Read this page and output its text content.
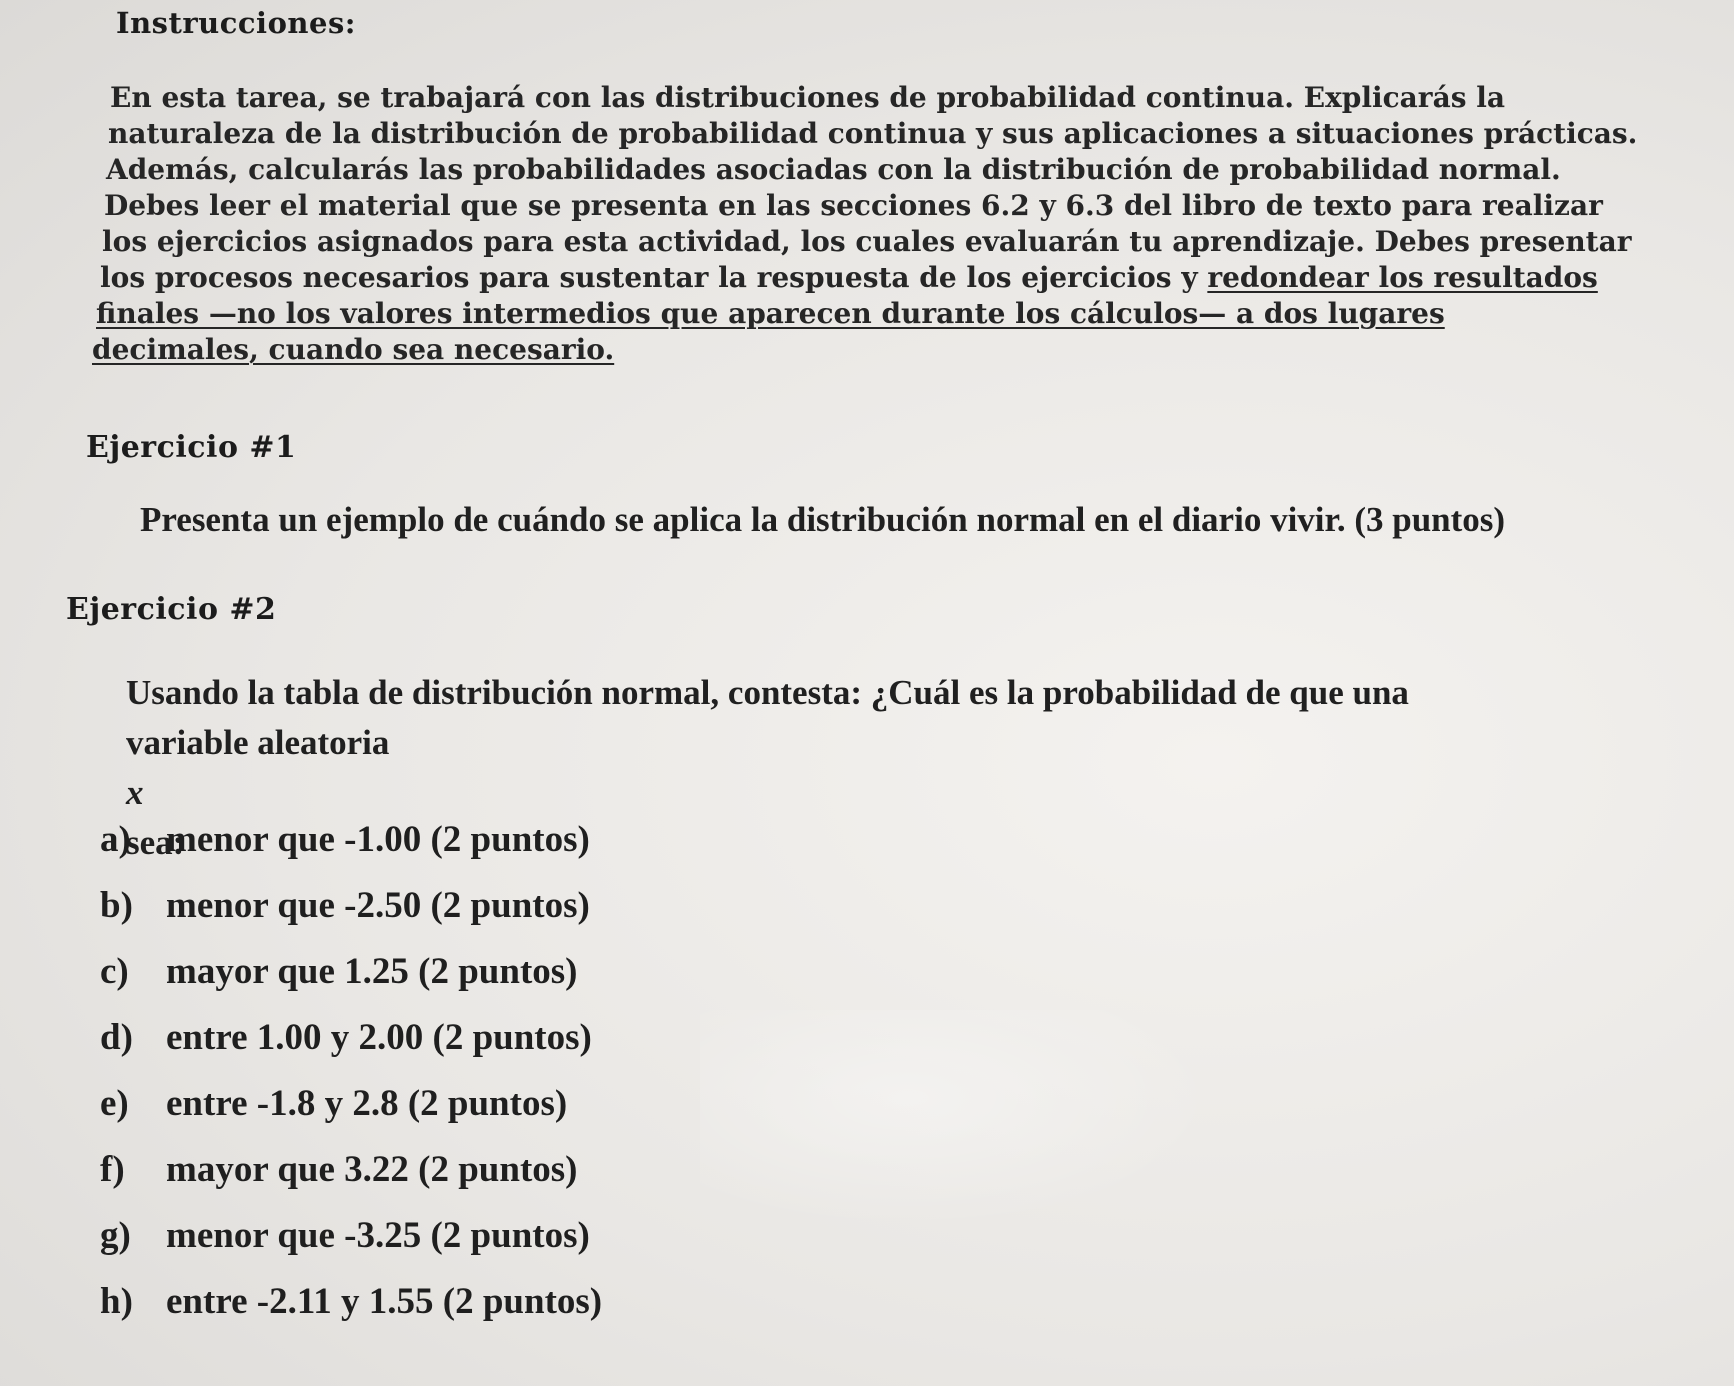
Instrucciones:
En esta tarea, se trabajará con las distribuciones de probabilidad continua. Explicarás la
naturaleza de la distribución de probabilidad continua y sus aplicaciones a situaciones prácticas.
Además, calcularás las probabilidades asociadas con la distribución de probabilidad normal.
Debes leer el material que se presenta en las secciones 6.2 y 6.3 del libro de texto para realizar
los ejercicios asignados para esta actividad, los cuales evaluarán tu aprendizaje. Debes presentar
los procesos necesarios para sustentar la respuesta de los ejercicios y redondear los resultados
finales —no los valores intermedios que aparecen durante los cálculos— a dos lugares
decimales, cuando sea necesario.
Ejercicio #1
Presenta un ejemplo de cuándo se aplica la distribución normal en el diario vivir. (3 puntos)
Ejercicio #2
Usando la tabla de distribución normal, contesta: ¿Cuál es la probabilidad de que una
variable aleatoria
x
sea:
a) menor que -1.00 (2 puntos)
b) menor que -2.50 (2 puntos)
c) mayor que 1.25 (2 puntos)
d) entre 1.00 y 2.00 (2 puntos)
e) entre -1.8 y 2.8 (2 puntos)
f) mayor que 3.22 (2 puntos)
g) menor que -3.25 (2 puntos)
h) entre -2.11 y 1.55 (2 puntos)
